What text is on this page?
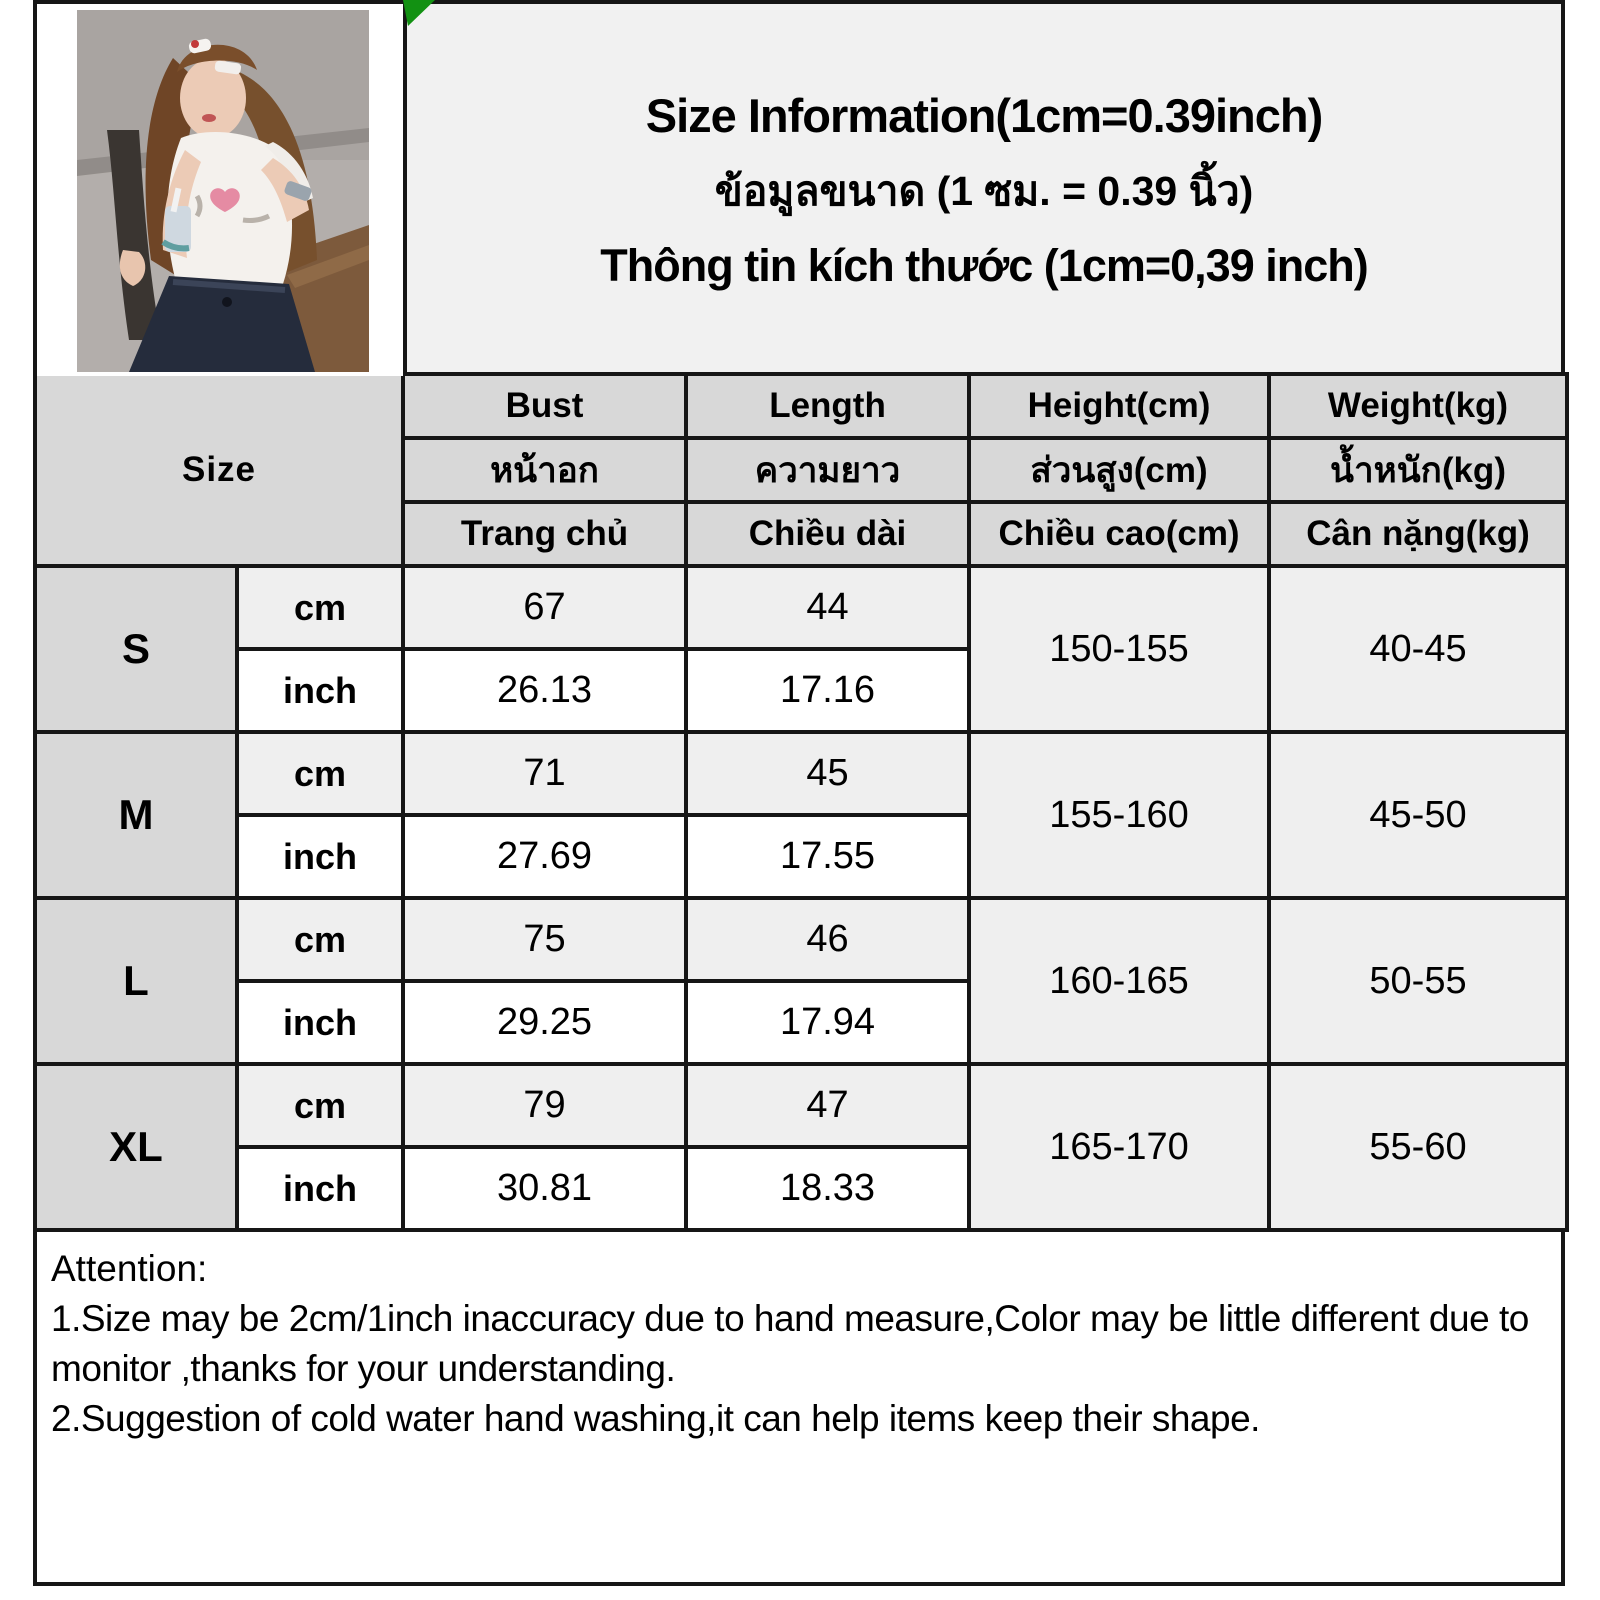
Size Information(1cm=0.39inch)
ข้อมูลขนาด (1 ซม. = 0.39 นิ้ว)
Thông tin kích thước (1cm=0,39 inch)
Size		Bust	Length	Height(cm)	Weight(kg)
		หน้าอก	ความยาว	ส่วนสูง(cm)	น้ำหนัก(kg)
		Trang chủ	Chiều dài	Chiều cao(cm)	Cân nặng(kg)
S	cm	67	44	150-155	40-45
	inch	26.13	17.16		
M	cm	71	45	155-160	45-50
	inch	27.69	17.55		
L	cm	75	46	160-165	50-55
	inch	29.25	17.94		
XL	cm	79	47	165-170	55-60
	inch	30.81	18.33		
Attention:
1.Size may be 2cm/1inch inaccuracy due to hand measure,Color may be little different due to monitor ,thanks for your understanding.
2.Suggestion of cold water hand washing,it can help items keep their shape.
